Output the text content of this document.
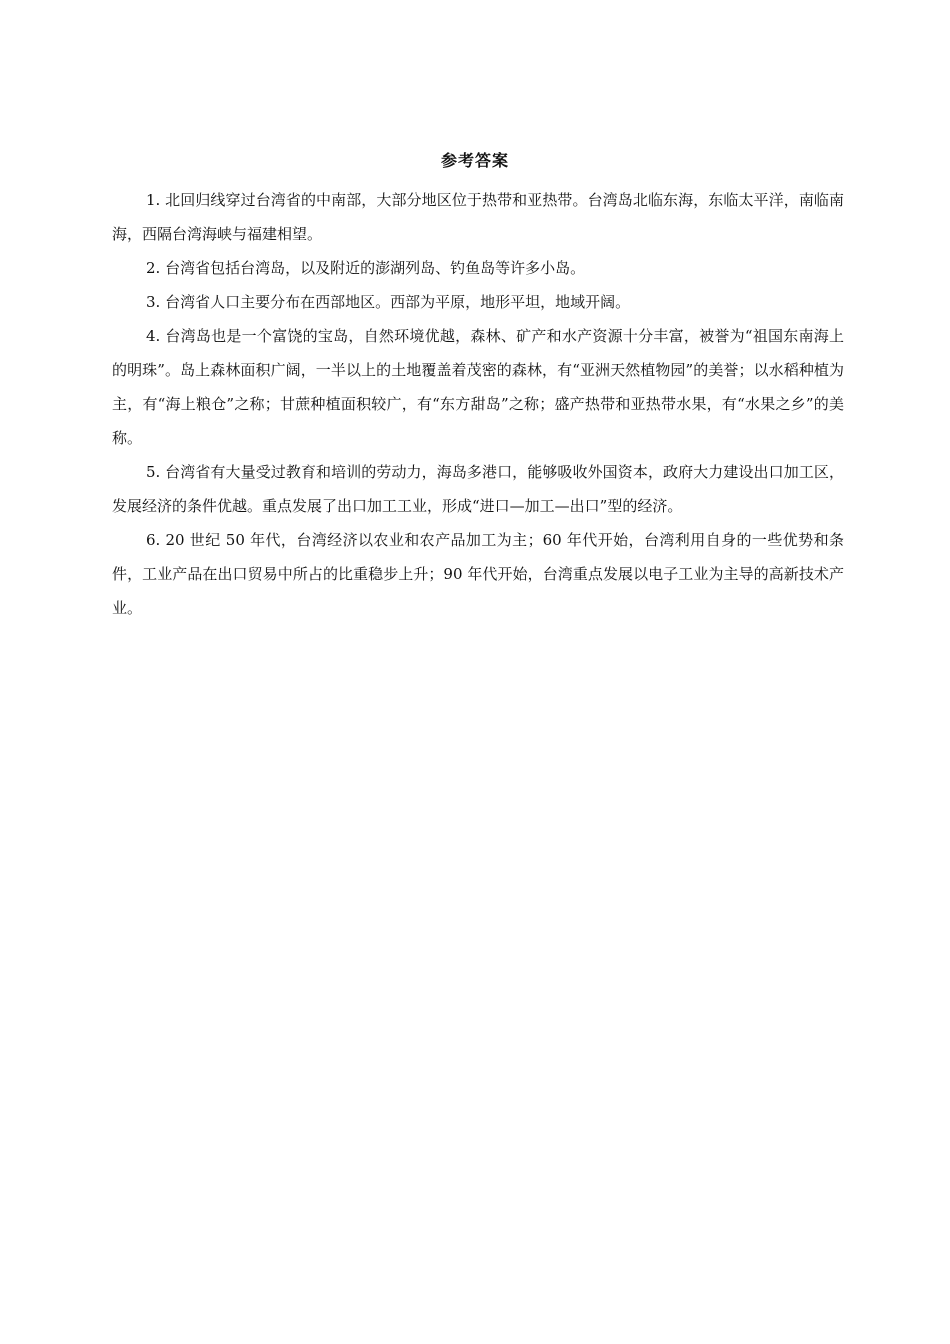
参考答案

1. 北回归线穿过台湾省的中南部，大部分地区位于热带和亚热带。台湾岛北临东海，东临太平洋，南临南海，西隔台湾海峡与福建相望。

2. 台湾省包括台湾岛，以及附近的澎湖列岛、钓鱼岛等许多小岛。

3. 台湾省人口主要分布在西部地区。西部为平原，地形平坦，地域开阔。

4. 台湾岛也是一个富饶的宝岛，自然环境优越，森林、矿产和水产资源十分丰富，被誉为“祖国东南海上的明珠”。岛上森林面积广阔，一半以上的土地覆盖着茂密的森林，有“亚洲天然植物园”的美誉；以水稻种植为主，有“海上粮仓”之称；甘蔗种植面积较广，有“东方甜岛”之称；盛产热带和亚热带水果，有“水果之乡”的美称。

5. 台湾省有大量受过教育和培训的劳动力，海岛多港口，能够吸收外国资本，政府大力建设出口加工区，发展经济的条件优越。重点发展了出口加工工业，形成“进口—加工—出口”型的经济。

6. 20 世纪 50 年代，台湾经济以农业和农产品加工为主；60 年代开始，台湾利用自身的一些优势和条件，工业产品在出口贸易中所占的比重稳步上升；90 年代开始，台湾重点发展以电子工业为主导的高新技术产业。
